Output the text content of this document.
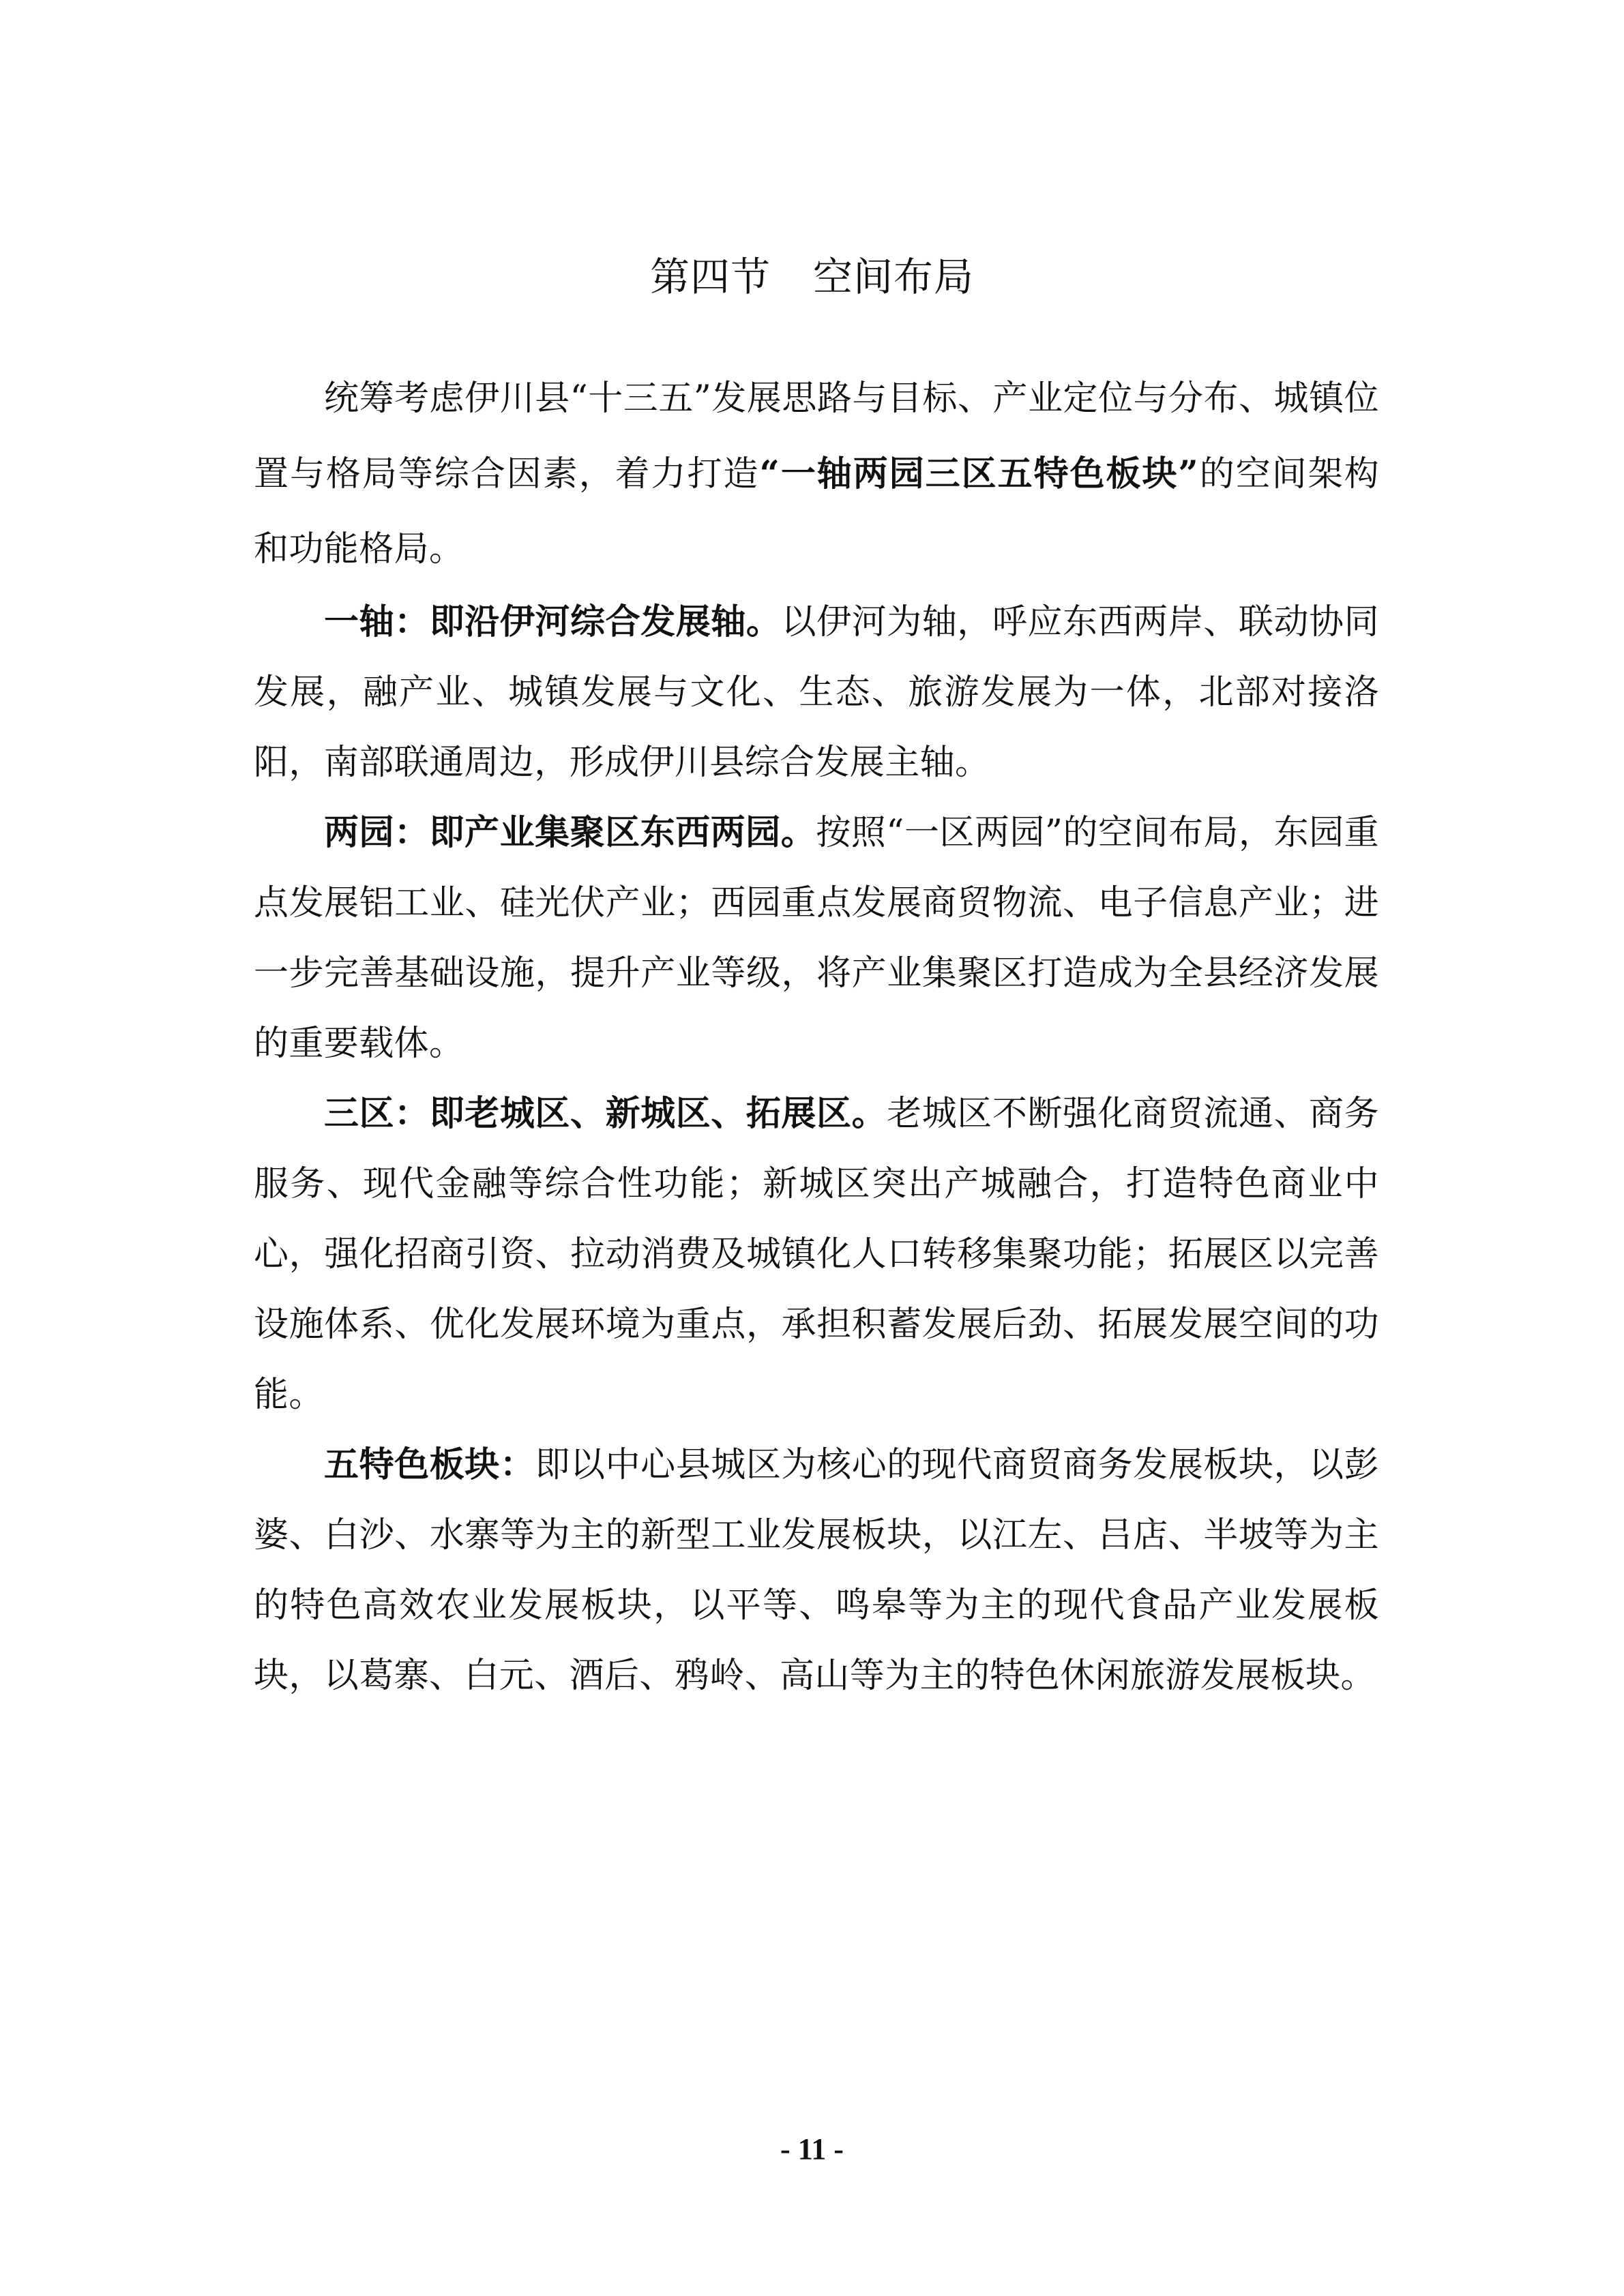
第四节 空间布局

统筹考虑伊川县“十三五”发展思路与目标、产业定位与分布、城镇位置与格局等综合因素，着力打造“一轴两园三区五特色板块”的空间架构和功能格局。

一轴：即沿伊河综合发展轴。以伊河为轴，呼应东西两岸、联动协同发展，融产业、城镇发展与文化、生态、旅游发展为一体，北部对接洛阳，南部联通周边，形成伊川县综合发展主轴。

两园：即产业集聚区东西两园。按照“一区两园”的空间布局，东园重点发展铝工业、硅光伏产业；西园重点发展商贸物流、电子信息产业；进一步完善基础设施，提升产业等级，将产业集聚区打造成为全县经济发展的重要载体。

三区：即老城区、新城区、拓展区。老城区不断强化商贸流通、商务服务、现代金融等综合性功能；新城区突出产城融合，打造特色商业中心，强化招商引资、拉动消费及城镇化人口转移集聚功能；拓展区以完善设施体系、优化发展环境为重点，承担积蓄发展后劲、拓展发展空间的功能。

五特色板块：即以中心县城区为核心的现代商贸商务发展板块，以彭婆、白沙、水寨等为主的新型工业发展板块，以江左、吕店、半坡等为主的特色高效农业发展板块，以平等、鸣皋等为主的现代食品产业发展板块，以葛寨、白元、酒后、鸦岭、高山等为主的特色休闲旅游发展板块。

- 11 -
